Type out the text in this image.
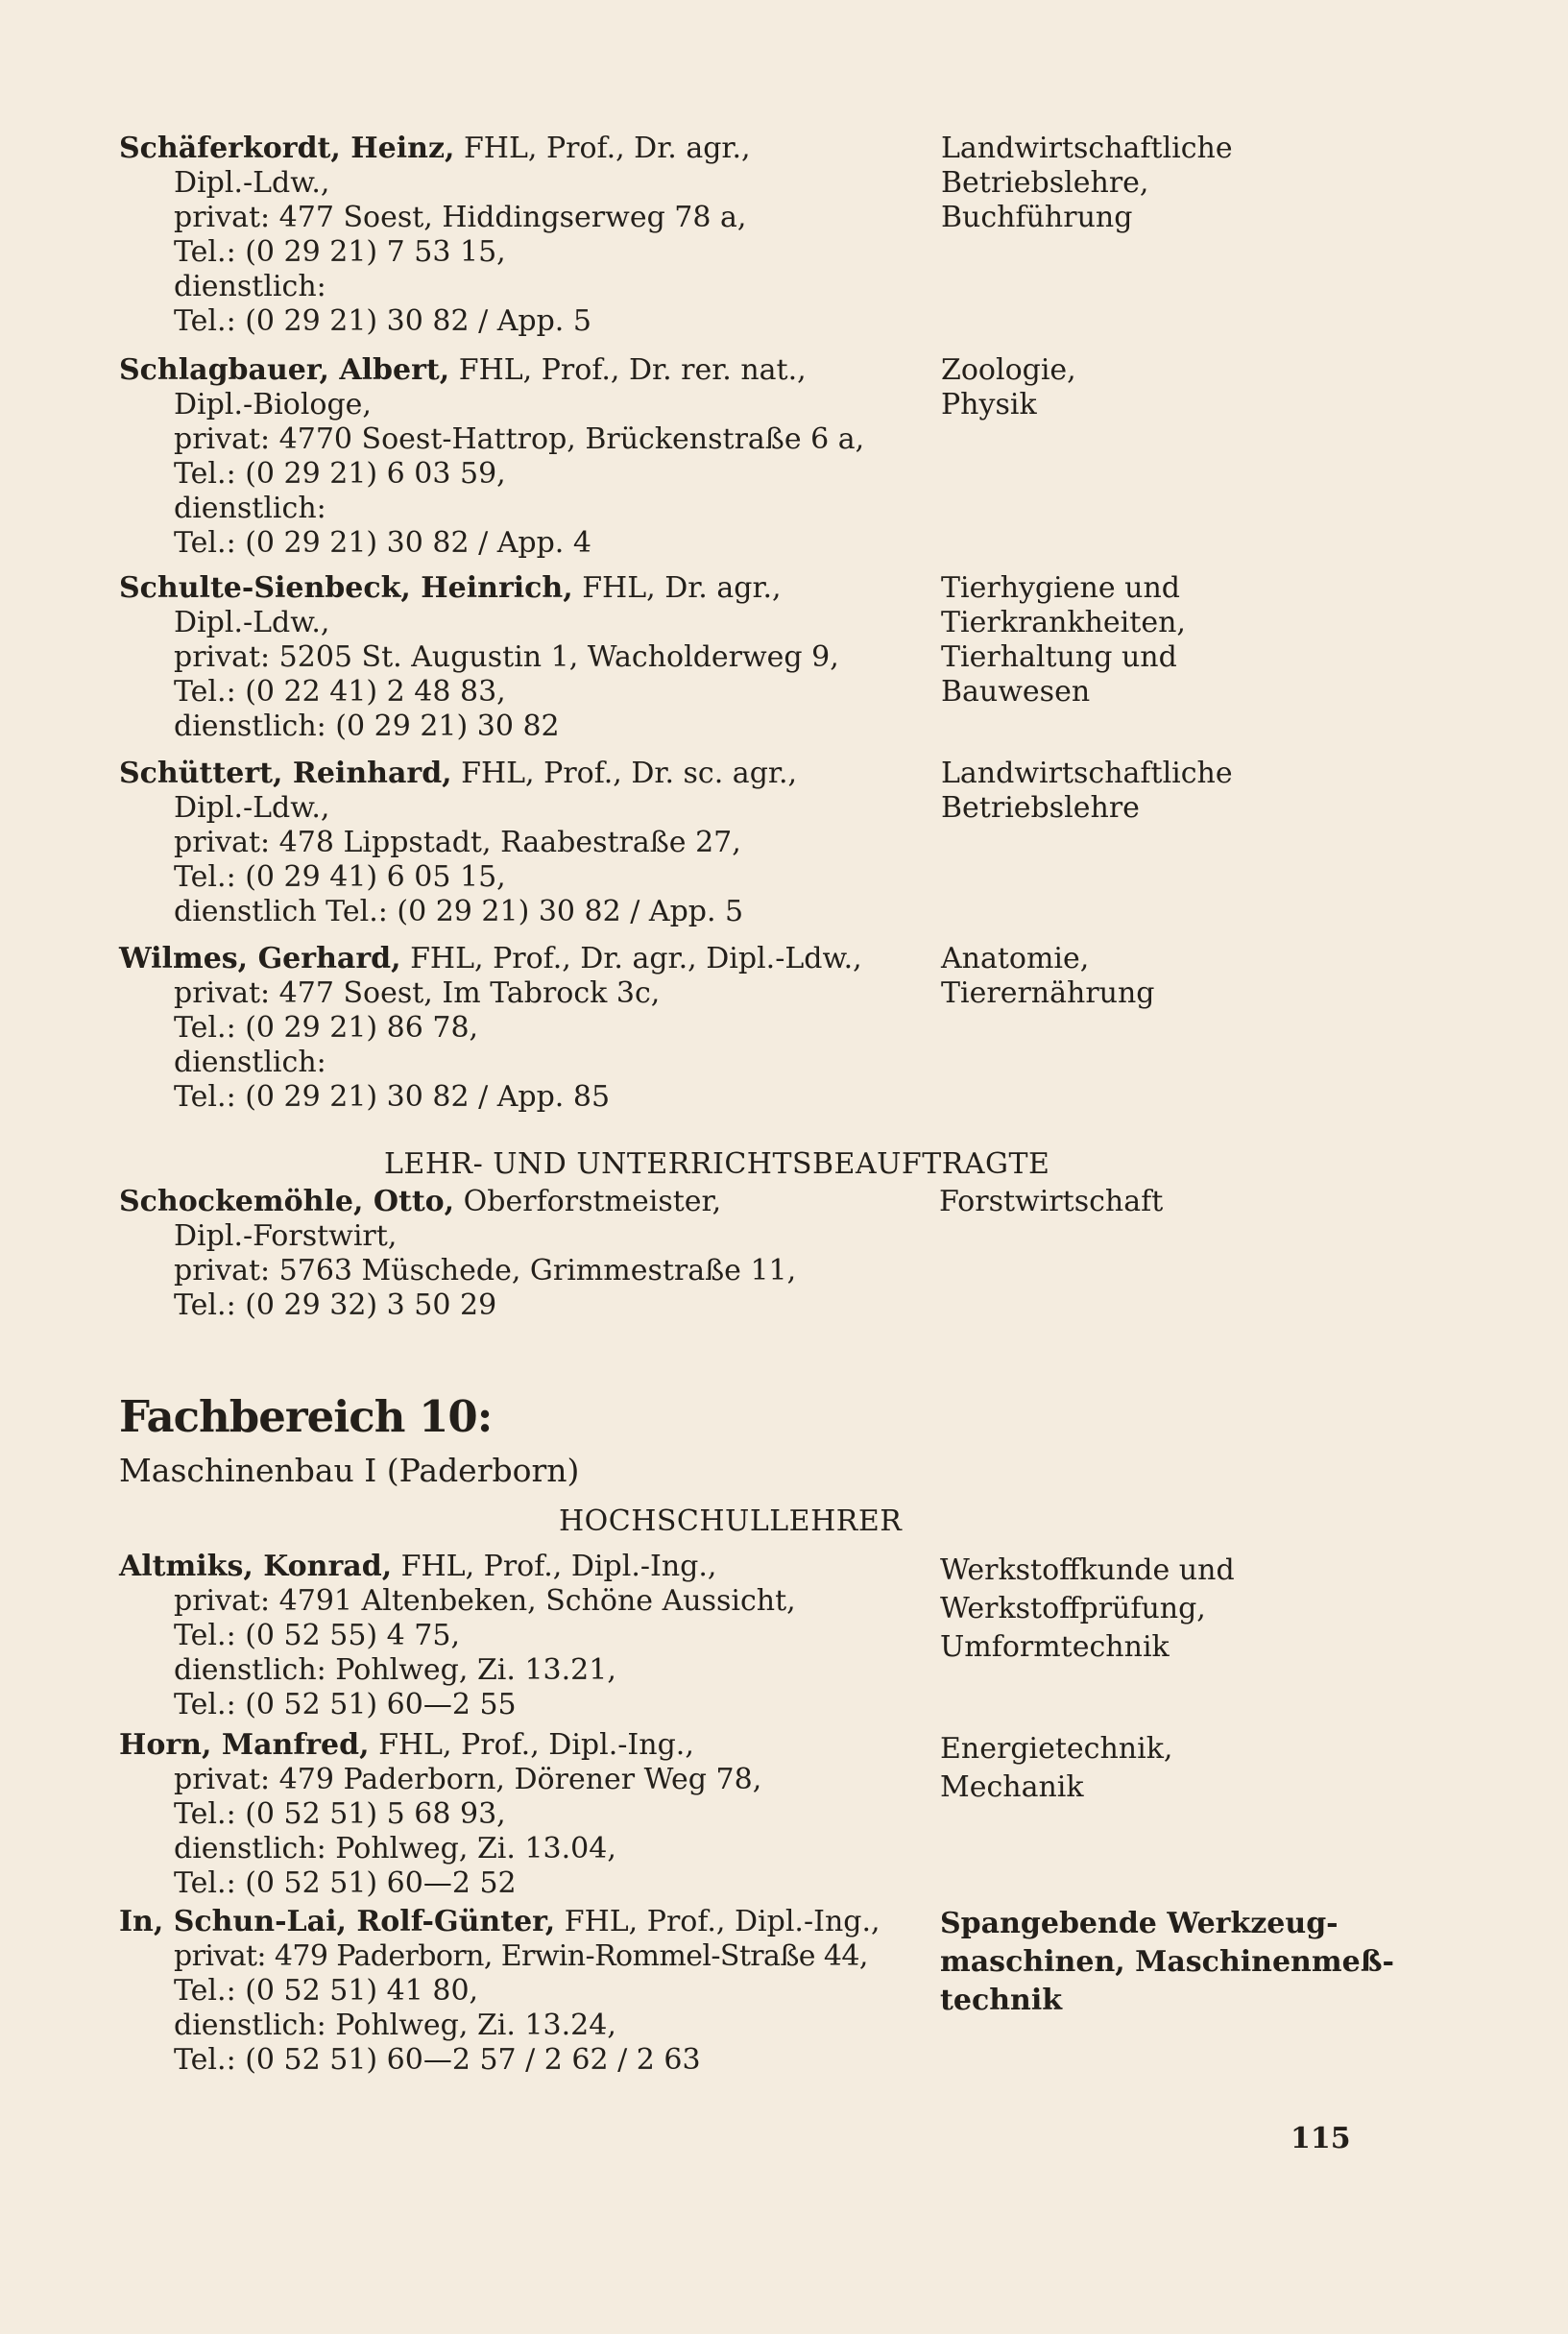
Schäferkordt, Heinz, FHL, Prof., Dr. agr.,
Dipl.-Ldw.,
privat: 477 Soest, Hiddingserweg 78 a,
Tel.: (0 29 21) 7 53 15,
dienstlich:
Tel.: (0 29 21) 30 82 / App. 5
Landwirtschaftliche
Betriebslehre,
Buchführung
Schlagbauer, Albert, FHL, Prof., Dr. rer. nat.,
Dipl.-Biologe,
privat: 4770 Soest-Hattrop, Brückenstraße 6 a,
Tel.: (0 29 21) 6 03 59,
dienstlich:
Tel.: (0 29 21) 30 82 / App. 4
Zoologie,
Physik
Schulte-Sienbeck, Heinrich, FHL, Dr. agr.,
Dipl.-Ldw.,
privat: 5205 St. Augustin 1, Wacholderweg 9,
Tel.: (0 22 41) 2 48 83,
dienstlich: (0 29 21) 30 82
Tierhygiene und
Tierkrankheiten,
Tierhaltung und
Bauwesen
Schüttert, Reinhard, FHL, Prof., Dr. sc. agr.,
Dipl.-Ldw.,
privat: 478 Lippstadt, Raabestraße 27,
Tel.: (0 29 41) 6 05 15,
dienstlich Tel.: (0 29 21) 30 82 / App. 5
Landwirtschaftliche
Betriebslehre
Wilmes, Gerhard, FHL, Prof., Dr. agr., Dipl.-Ldw.,
privat: 477 Soest, Im Tabrock 3c,
Tel.: (0 29 21) 86 78,
dienstlich:
Tel.: (0 29 21) 30 82 / App. 85
Anatomie,
Tierernährung
LEHR- UND UNTERRICHTSBEAUFTRAGTE
Schockemöhle, Otto, Oberforstmeister,
Dipl.-Forstwirt,
privat: 5763 Müschede, Grimmestraße 11,
Tel.: (0 29 32) 3 50 29
Forstwirtschaft
Fachbereich 10:
Maschinenbau I (Paderborn)
HOCHSCHULLEHRER
Altmiks, Konrad, FHL, Prof., Dipl.-Ing.,
privat: 4791 Altenbeken, Schöne Aussicht,
Tel.: (0 52 55) 4 75,
dienstlich: Pohlweg, Zi. 13.21,
Tel.: (0 52 51) 60—2 55
Werkstoffkunde und
Werkstoffprüfung,
Umformtechnik
Horn, Manfred, FHL, Prof., Dipl.-Ing.,
privat: 479 Paderborn, Dörener Weg 78,
Tel.: (0 52 51) 5 68 93,
dienstlich: Pohlweg, Zi. 13.04,
Tel.: (0 52 51) 60—2 52
Energietechnik,
Mechanik
In, Schun-Lai, Rolf-Günter, FHL, Prof., Dipl.-Ing.,
privat: 479 Paderborn, Erwin-Rommel-Straße 44,
Tel.: (0 52 51) 41 80,
dienstlich: Pohlweg, Zi. 13.24,
Tel.: (0 52 51) 60—2 57 / 2 62 / 2 63
Spangebende Werkzeug-
maschinen, Maschinenmeß-
technik
115
